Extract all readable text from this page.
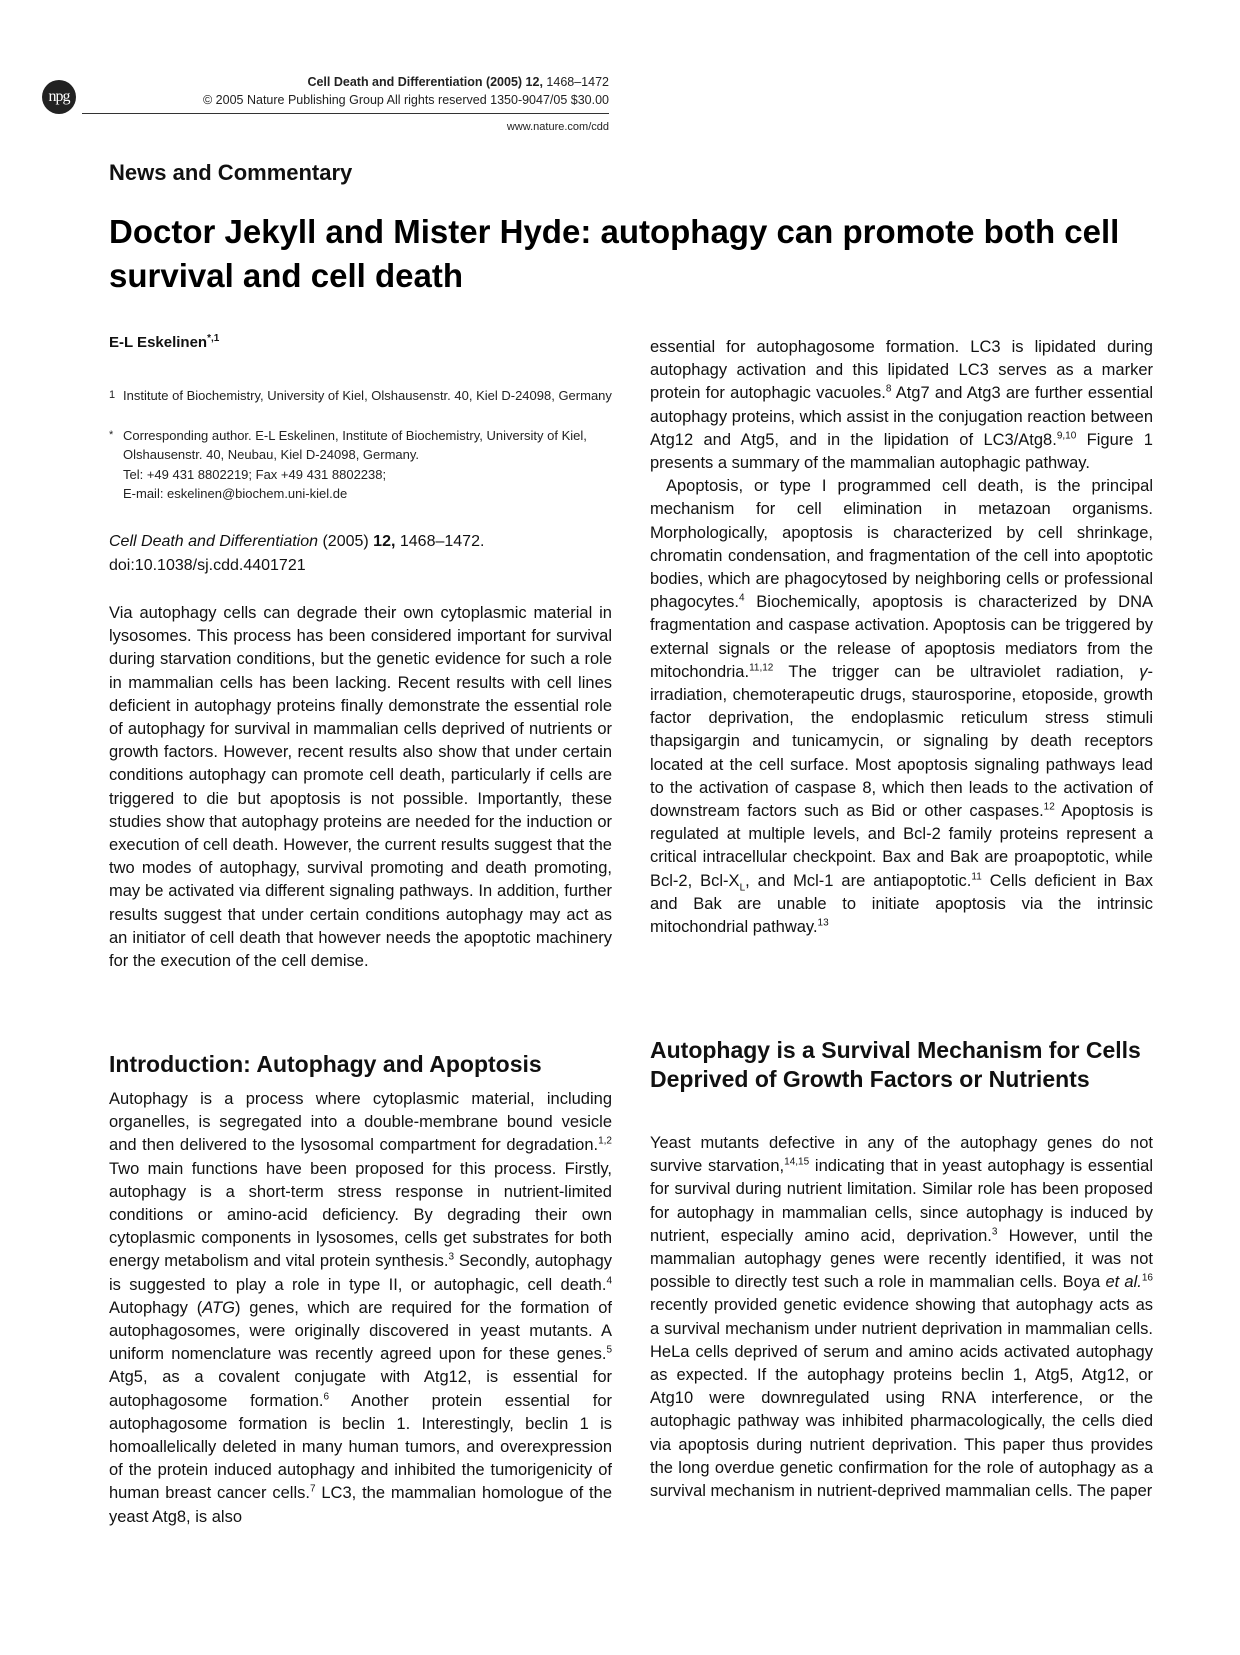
npg
Cell Death and Differentiation (2005) 12, 1468–1472
© 2005 Nature Publishing Group All rights reserved 1350-9047/05 $30.00
www.nature.com/cdd
News and Commentary
Doctor Jekyll and Mister Hyde: autophagy can promote both cell survival and cell death
E-L Eskelinen$^{*,1}$
1 Institute of Biochemistry, University of Kiel, Olshausenstr. 40, Kiel D-24098, Germany
* Corresponding author. E-L Eskelinen, Institute of Biochemistry, University of Kiel, Olshausenstr. 40, Neubau, Kiel D-24098, Germany.
Tel: +49 431 8802219; Fax +49 431 8802238;
E-mail: eskelinen@biochem.uni-kiel.de
Cell Death and Differentiation (2005) 12, 1468–1472.
doi:10.1038/sj.cdd.4401721

Via autophagy cells can degrade their own cytoplasmic material in lysosomes. This process has been considered important for survival during starvation conditions, but the genetic evidence for such a role in mammalian cells has been lacking. Recent results with cell lines deficient in autophagy proteins finally demonstrate the essential role of autophagy for survival in mammalian cells deprived of nutrients or growth factors. However, recent results also show that under certain conditions autophagy can promote cell death, particularly if cells are triggered to die but apoptosis is not possible. Importantly, these studies show that autophagy proteins are needed for the induction or execution of cell death. However, the current results suggest that the two modes of autophagy, survival promoting and death promoting, may be activated via different signaling pathways. In addition, further results suggest that under certain conditions autophagy may act as an initiator of cell death that however needs the apoptotic machinery for the execution of the cell demise.

Introduction: Autophagy and Apoptosis

Autophagy is a process where cytoplasmic material, including organelles, is segregated into a double-membrane bound vesicle and then delivered to the lysosomal compartment for degradation.$^{1,2}$ Two main functions have been proposed for this process. Firstly, autophagy is a short-term stress response in nutrient-limited conditions or amino-acid deficiency. By degrading their own cytoplasmic components in lysosomes, cells get substrates for both energy metabolism and vital protein synthesis.$^3$ Secondly, autophagy is suggested to play a role in type II, or autophagic, cell death.$^4$ Autophagy (ATG) genes, which are required for the formation of autophagosomes, were originally discovered in yeast mutants. A uniform nomenclature was recently agreed upon for these genes.$^5$ Atg5, as a covalent conjugate with Atg12, is essential for autophagosome formation.$^6$ Another protein essential for autophagosome formation is beclin 1. Interestingly, beclin 1 is homoallelically deleted in many human tumors, and overexpression of the protein induced autophagy and inhibited the tumorigenicity of human breast cancer cells.$^7$ LC3, the mammalian homologue of the yeast Atg8, is also

essential for autophagosome formation. LC3 is lipidated during autophagy activation and this lipidated LC3 serves as a marker protein for autophagic vacuoles.$^8$ Atg7 and Atg3 are further essential autophagy proteins, which assist in the conjugation reaction between Atg12 and Atg5, and in the lipidation of LC3/Atg8.$^{9,10}$ Figure 1 presents a summary of the mammalian autophagic pathway.

Apoptosis, or type I programmed cell death, is the principal mechanism for cell elimination in metazoan organisms. Morphologically, apoptosis is characterized by cell shrinkage, chromatin condensation, and fragmentation of the cell into apoptotic bodies, which are phagocytosed by neighboring cells or professional phagocytes.$^4$ Biochemically, apoptosis is characterized by DNA fragmentation and caspase activation. Apoptosis can be triggered by external signals or the release of apoptosis mediators from the mitochondria.$^{11,12}$ The trigger can be ultraviolet radiation, γ-irradiation, chemoterapeutic drugs, staurosporine, etoposide, growth factor deprivation, the endoplasmic reticulum stress stimuli thapsigargin and tunicamycin, or signaling by death receptors located at the cell surface. Most apoptosis signaling pathways lead to the activation of caspase 8, which then leads to the activation of downstream factors such as Bid or other caspases.$^{12}$ Apoptosis is regulated at multiple levels, and Bcl-2 family proteins represent a critical intracellular checkpoint. Bax and Bak are proapoptotic, while Bcl-2, Bcl-$X_L$, and Mcl-1 are antiapoptotic.$^{11}$ Cells deficient in Bax and Bak are unable to initiate apoptosis via the intrinsic mitochondrial pathway.$^{13}$

Autophagy is a Survival Mechanism for Cells Deprived of Growth Factors or Nutrients

Yeast mutants defective in any of the autophagy genes do not survive starvation,$^{14,15}$ indicating that in yeast autophagy is essential for survival during nutrient limitation. Similar role has been proposed for autophagy in mammalian cells, since autophagy is induced by nutrient, especially amino acid, deprivation.$^3$ However, until the mammalian autophagy genes were recently identified, it was not possible to directly test such a role in mammalian cells. Boya et al.$^{16}$ recently provided genetic evidence showing that autophagy acts as a survival mechanism under nutrient deprivation in mammalian cells. HeLa cells deprived of serum and amino acids activated autophagy as expected. If the autophagy proteins beclin 1, Atg5, Atg12, or Atg10 were downregulated using RNA interference, or the autophagic pathway was inhibited pharmacologically, the cells died via apoptosis during nutrient deprivation. This paper thus provides the long overdue genetic confirmation for the role of autophagy as a survival mechanism in nutrient-deprived mammalian cells. The paper
